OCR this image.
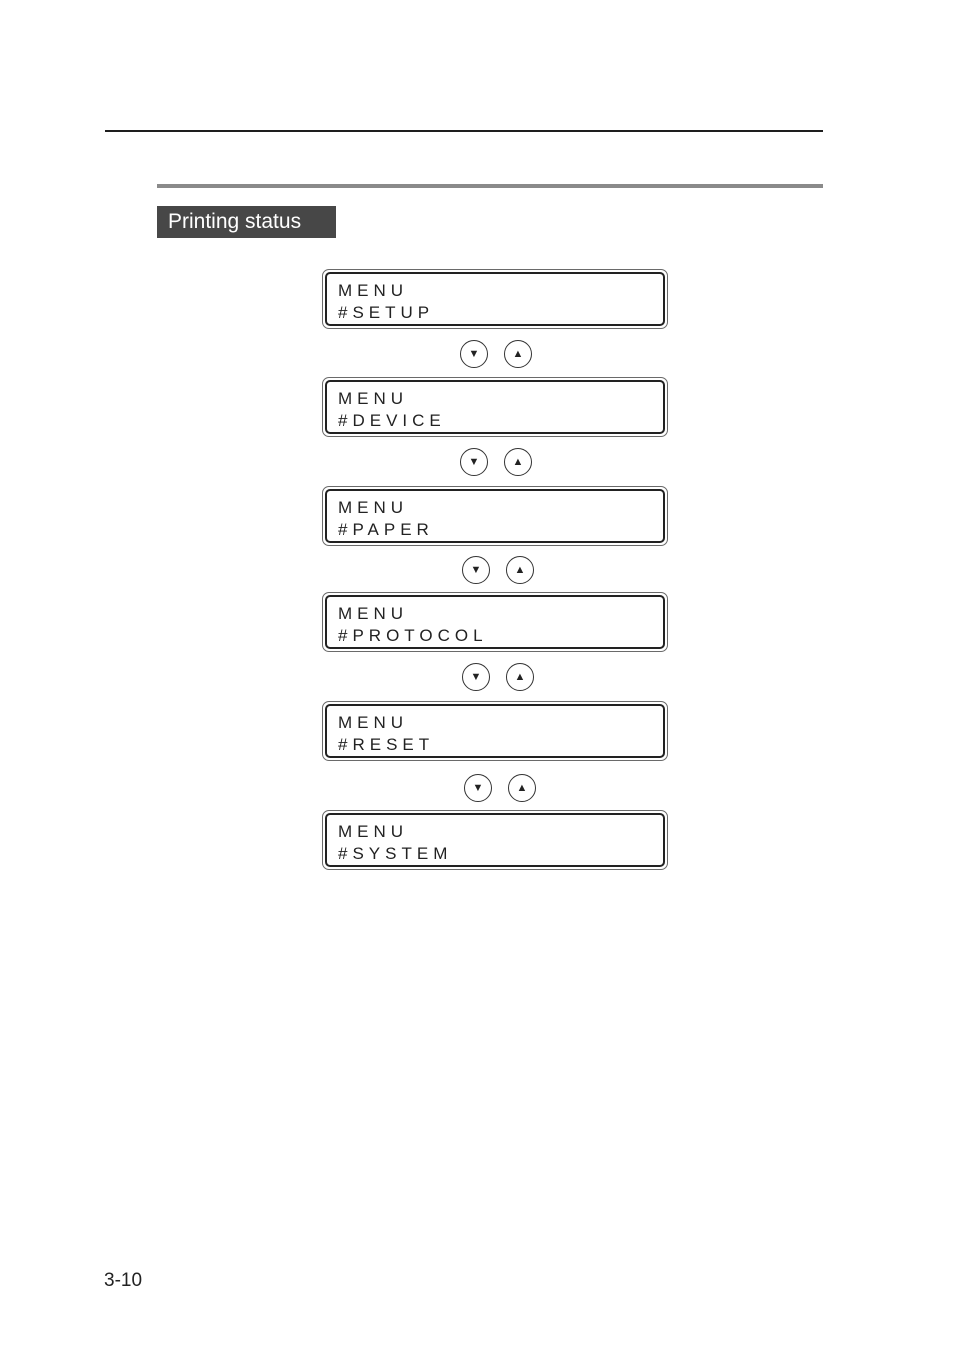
Printing status
MENU
#SETUP
▼	▲
MENU
#DEVICE
▼	▲
MENU
#PAPER
▼	▲
MENU
#PROTOCOL
▼	▲
MENU
#RESET
▼	▲
MENU
#SYSTEM
3-10
